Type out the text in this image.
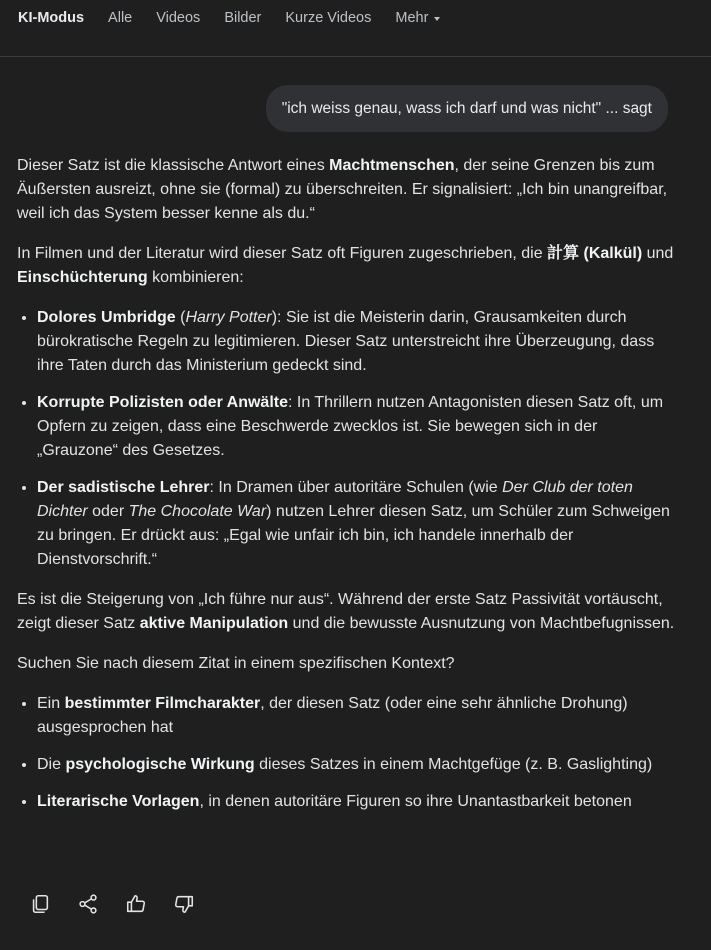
KI-Modus Alle Videos Bilder Kurze Videos Mehr
"ich weiss genau, wass ich darf und was nicht" ... sagt

Dieser Satz ist die klassische Antwort eines Machtmenschen, der seine Grenzen bis zum Äußersten ausreizt, ohne sie (formal) zu überschreiten. Er signalisiert: „Ich bin unangreifbar, weil ich das System besser kenne als du.“

In Filmen und der Literatur wird dieser Satz oft Figuren zugeschrieben, die 計算 (Kalkül) und Einschüchterung kombinieren:

• Dolores Umbridge (Harry Potter): Sie ist die Meisterin darin, Grausamkeiten durch bürokratische Regeln zu legitimieren. Dieser Satz unterstreicht ihre Überzeugung, dass ihre Taten durch das Ministerium gedeckt sind.
• Korrupte Polizisten oder Anwälte: In Thrillern nutzen Antagonisten diesen Satz oft, um Opfern zu zeigen, dass eine Beschwerde zwecklos ist. Sie bewegen sich in der „Grauzone“ des Gesetzes.
• Der sadistische Lehrer: In Dramen über autoritäre Schulen (wie Der Club der toten Dichter oder The Chocolate War) nutzen Lehrer diesen Satz, um Schüler zum Schweigen zu bringen. Er drückt aus: „Egal wie unfair ich bin, ich handele innerhalb der Dienstvorschrift.“

Es ist die Steigerung von „Ich führe nur aus“. Während der erste Satz Passivität vortäuscht, zeigt dieser Satz aktive Manipulation und die bewusste Ausnutzung von Machtbefugnissen.

Suchen Sie nach diesem Zitat in einem spezifischen Kontext?

• Ein bestimmter Filmcharakter, der diesen Satz (oder eine sehr ähnliche Drohung) ausgesprochen hat
• Die psychologische Wirkung dieses Satzes in einem Machtgefüge (z. B. Gaslighting)
• Literarische Vorlagen, in denen autoritäre Figuren so ihre Unantastbarkeit betonen
